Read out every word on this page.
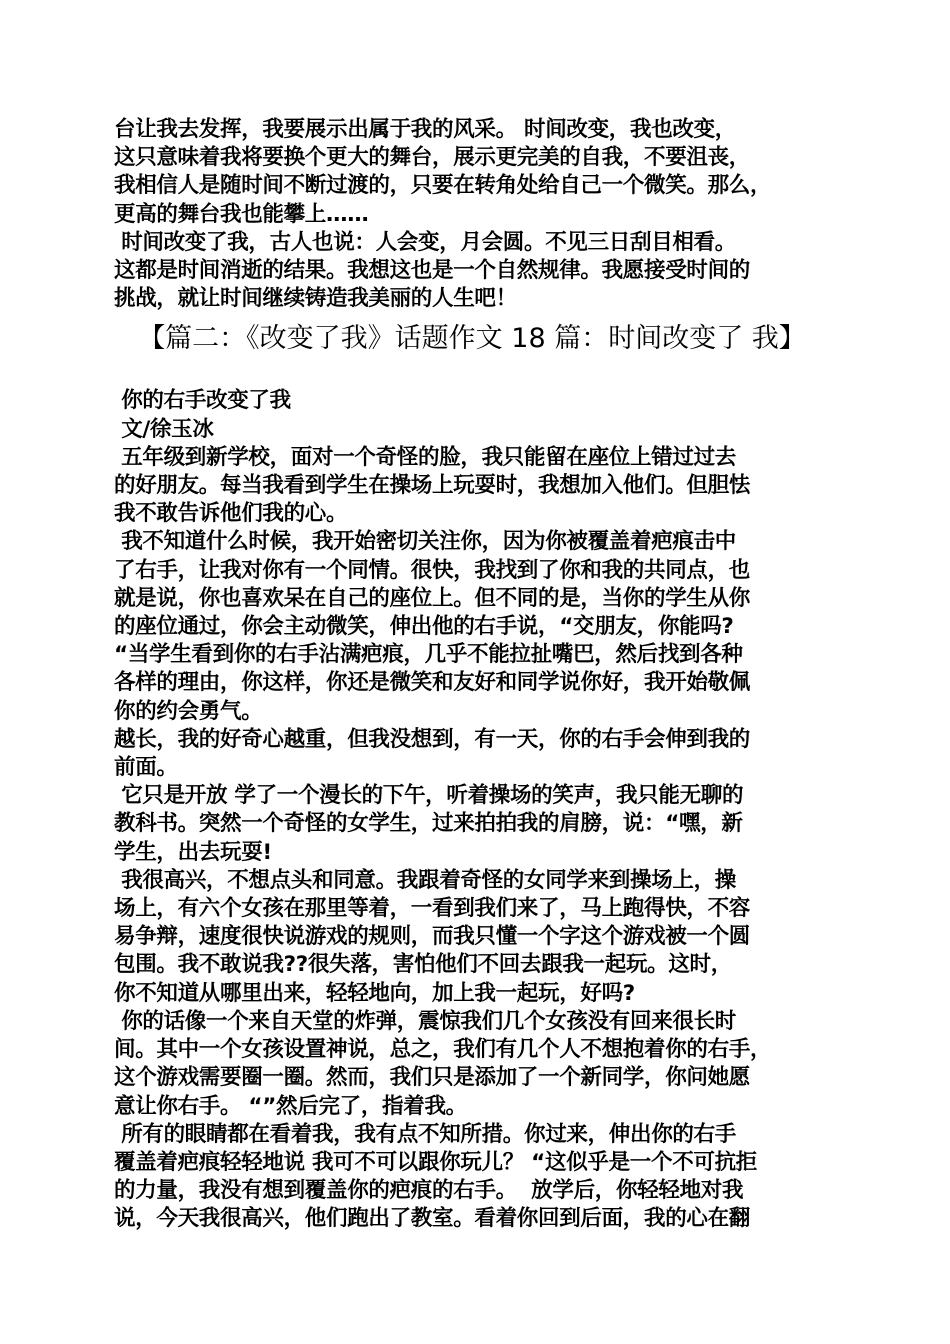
台让我去发挥，我要展示出属于我的风采。 时间改变，我也改变，
这只意味着我将要换个更大的舞台，展示更完美的自我，不要沮丧，
我相信人是随时间不断过渡的，只要在转角处给自己一个微笑。那么，
更高的舞台我也能攀上……

时间改变了我，古人也说：人会变，月会圆。不见三日刮目相看。
这都是时间消逝的结果。我想这也是一个自然规律。我愿接受时间的
挑战，就让时间继续铸造我美丽的人生吧！

【篇二：《改变了我》话题作文 18 篇：时间改变了 我】

你的右手改变了我

文/徐玉冰

五年级到新学校，面对一个奇怪的脸，我只能留在座位上错过过去
的好朋友。每当我看到学生在操场上玩耍时，我想加入他们。但胆怯
我不敢告诉他们我的心。

我不知道什么时候，我开始密切关注你，因为你被覆盖着疤痕击中
了右手，让我对你有一个同情。很快，我找到了你和我的共同点，也
就是说，你也喜欢呆在自己的座位上。但不同的是，当你的学生从你
的座位通过，你会主动微笑，伸出他的右手说，“交朋友，你能吗?
“当学生看到你的右手沾满疤痕，几乎不能拉扯嘴巴，然后找到各种
各样的理由，你这样，你还是微笑和友好和同学说你好，我开始敬佩
你的约会勇气。

越长，我的好奇心越重，但我没想到，有一天，你的右手会伸到我的
前面。

它只是开放 学了一个漫长的下午，听着操场的笑声，我只能无聊的
教科书。突然一个奇怪的女学生，过来拍拍我的肩膀，说：“嘿，新
学生，出去玩耍!

我很高兴，不想点头和同意。我跟着奇怪的女同学来到操场上，操
场上，有六个女孩在那里等着，一看到我们来了，马上跑得快，不容
易争辩，速度很快说游戏的规则，而我只懂一个字这个游戏被一个圆
包围。我不敢说我??很失落，害怕他们不回去跟我一起玩。这时，
你不知道从哪里出来，轻轻地向，加上我一起玩，好吗?

你的话像一个来自天堂的炸弹，震惊我们几个女孩没有回来很长时
间。其中一个女孩设置神说，总之，我们有几个人不想抱着你的右手，
这个游戏需要圈一圈。然而，我们只是添加了一个新同学，你问她愿
意让你右手。 “”然后完了，指着我。

所有的眼睛都在看着我，我有点不知所措。你过来，伸出你的右手
覆盖着疤痕轻轻地说 我可不可以跟你玩儿？ “这似乎是一个不可抗拒
的力量，我没有想到覆盖你的疤痕的右手。  放学后，你轻轻地对我
说，今天我很高兴，他们跑出了教室。看着你回到后面，我的心在翻
